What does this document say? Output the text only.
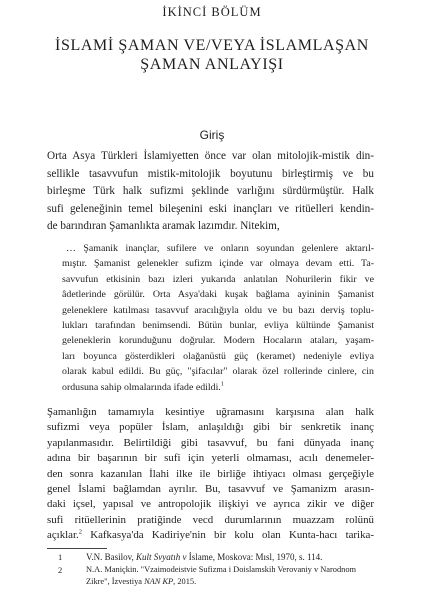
İKİNCİ BÖLÜM
İSLAMİ ŞAMAN VE/VEYA İSLAMLAŞAN
ŞAMAN ANLAYIŞI
Giriş
Orta Asya Türkleri İslamiyetten önce var olan mitolojik-mistik din-
sellikle tasavvufun mistik-mitolojik boyutunu birleştirmiş ve bu
birleşme Türk halk sufizmi şeklinde varlığını sürdürmüştür. Halk
sufi geleneğinin temel bileşenini eski inançları ve ritüelleri kendin-
de barındıran Şamanlıkta aramak lazımdır. Nitekim,
… Şamanik inançlar, sufilere ve onların soyundan gelenlere aktarıl-
mıştır. Şamanist gelenekler sufizm içinde var olmaya devam etti. Ta-
savvufun etkisinin bazı izleri yukarıda anlatılan Nohurilerin fikir ve
âdetlerinde görülür. Orta Asya'daki kuşak bağlama ayininin Şamanist
geleneklere katılması tasavvuf aracılığıyla oldu ve bu bazı derviş toplu-
lukları tarafından benimsendi. Bütün bunlar, evliya kültünde Şamanist
geleneklerin korunduğunu doğrular. Modern Hocaların ataları, yaşam-
ları boyunca gösterdikleri olağanüstü güç (keramet) nedeniyle evliya
olarak kabul edildi. Bu güç, "şifacılar" olarak özel rollerinde cinlere, cin
ordusuna sahip olmalarında ifade edildi.$^1$
Şamanlığın tamamıyla kesintiye uğramasını karşısına alan halk
sufizmi veya popüler İslam, anlaşıldığı gibi bir senkretik inanç
yapılanmasıdır. Belirtildiği gibi tasavvuf, bu fani dünyada inanç
adına bir başarının bir sufi için yeterli olmaması, acılı denemeler-
den sonra kazanılan İlahi ilke ile birliğe ihtiyacı olması gerçeğiyle
genel İslami bağlamdan ayrılır. Bu, tasavvuf ve Şamanizm arasın-
daki içsel, yapısal ve antropolojik ilişkiyi ve ayrıca zikir ve diğer
sufi ritüellerinin pratiğinde vecd durumlarının muazzam rolünü
açıklar.$^2$ Kafkasya'da Kadiriye'nin bir kolu olan Kunta-hacı tarika-
1	V.N. Basilov, Kult Svyatıh v İslame, Moskova: Mısl, 1970, s. 114.
2	N.A. Maniçkin. "Vzaimodeistvie Sufizma i Doislamskih Verovaniy v Narodnom
Zikre", İzvestiya NAN KP, 2015.
